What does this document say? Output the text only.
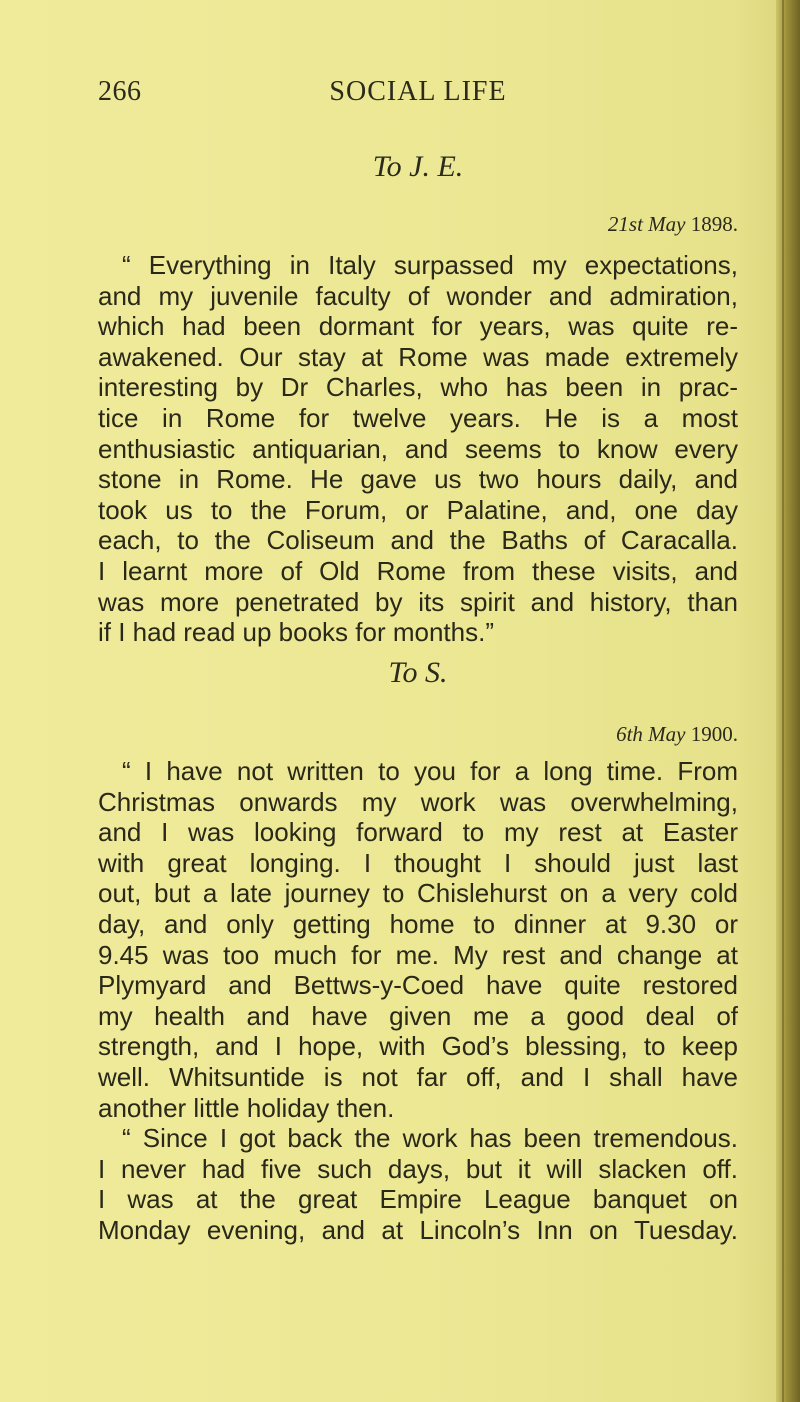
266	SOCIAL LIFE
To J. E.
21st May 1898.

“ Everything in Italy surpassed my expectations,
and my juvenile faculty of wonder and admiration,
which had been dormant for years, was quite re-
awakened. Our stay at Rome was made extremely
interesting by Dr Charles, who has been in prac-
tice in Rome for twelve years. He is a most
enthusiastic antiquarian, and seems to know every
stone in Rome. He gave us two hours daily, and
took us to the Forum, or Palatine, and, one day
each, to the Coliseum and the Baths of Caracalla.
I learnt more of Old Rome from these visits, and
was more penetrated by its spirit and history, than
if I had read up books for months.”

To S.
6th May 1900.

“ I have not written to you for a long time. From
Christmas onwards my work was overwhelming,
and I was looking forward to my rest at Easter
with great longing. I thought I should just last
out, but a late journey to Chislehurst on a very cold
day, and only getting home to dinner at 9.30 or
9.45 was too much for me. My rest and change at
Plymyard and Bettws-y-Coed have quite restored
my health and have given me a good deal of
strength, and I hope, with God’s blessing, to keep
well. Whitsuntide is not far off, and I shall have
another little holiday then.
“ Since I got back the work has been tremendous.
I never had five such days, but it will slacken off.
I was at the great Empire League banquet on
Monday evening, and at Lincoln’s Inn on Tuesday.
